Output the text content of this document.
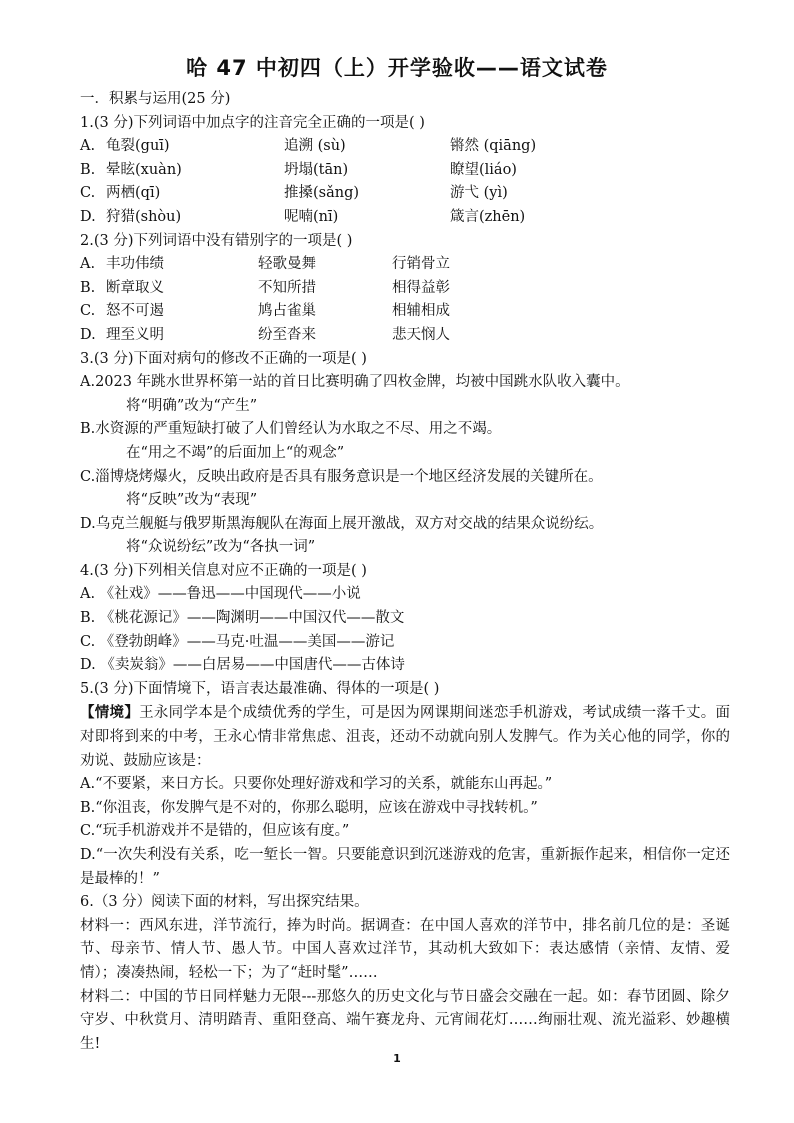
哈 47 中初四（上）开学验收——语文试卷
一．积累与运用(25 分)
1.(3 分)下列词语中加点字的注音完全正确的一项是( )
A. 龟裂(guī)	追溯 (sù)	锵然 (qiāng)
B. 晕眩(xuàn)	坍塌(tān)	瞭望(liáo)
C. 两栖(qī)	推搡(sǎng)	游弋 (yì)
D. 狩猎(shòu)	呢喃(nī)	箴言(zhēn)
2.(3 分)下列词语中没有错别字的一项是( )
A. 丰功伟绩	轻歌曼舞	行销骨立
B. 断章取义	不知所措	相得益彰
C. 怒不可遏	鸠占雀巢	相辅相成
D. 理至义明	纷至沓来	悲天悯人
3.(3 分)下面对病句的修改不正确的一项是( )
A.2023 年跳水世界杯第一站的首日比赛明确了四枚金牌，均被中国跳水队收入囊中。
将“明确”改为“产生”
B.水资源的严重短缺打破了人们曾经认为水取之不尽、用之不竭。
在“用之不竭”的后面加上“的观念”
C.淄博烧烤爆火，反映出政府是否具有服务意识是一个地区经济发展的关键所在。
将“反映”改为“表现”
D.乌克兰舰艇与俄罗斯黑海舰队在海面上展开激战，双方对交战的结果众说纷纭。
将“众说纷纭”改为“各执一词”
4.(3 分)下列相关信息对应不正确的一项是( )
A. 《社戏》——鲁迅——中国现代——小说
B. 《桃花源记》——陶渊明——中国汉代——散文
C. 《登勃朗峰》——马克·吐温——美国——游记
D. 《卖炭翁》——白居易——中国唐代——古体诗
5.(3 分)下面情境下，语言表达最准确、得体的一项是( )
【情境】王永同学本是个成绩优秀的学生，可是因为网课期间迷恋手机游戏，考试成绩一落千丈。面对即将到来的中考，王永心情非常焦虑、沮丧，还动不动就向别人发脾气。作为关心他的同学，你的劝说、鼓励应该是：
A.“不要紧，来日方长。只要你处理好游戏和学习的关系，就能东山再起。”
B.“你沮丧，你发脾气是不对的，你那么聪明，应该在游戏中寻找转机。”
C.“玩手机游戏并不是错的，但应该有度。”
D.“一次失利没有关系，吃一堑长一智。只要能意识到沉迷游戏的危害，重新振作起来，相信你一定还是最棒的！”
6.（3 分）阅读下面的材料，写出探究结果。
材料一：西风东进，洋节流行，捧为时尚。据调查：在中国人喜欢的洋节中，排名前几位的是：圣诞节、母亲节、情人节、愚人节。中国人喜欢过洋节，其动机大致如下：表达感情（亲情、友情、爱情）；凑凑热闹，轻松一下；为了“赶时髦”……
材料二：中国的节日同样魅力无限---那悠久的历史文化与节日盛会交融在一起。如：春节团圆、除夕守岁、中秋赏月、清明踏青、重阳登高、端午赛龙舟、元宵闹花灯……绚丽壮观、流光溢彩、妙趣横生!
1
